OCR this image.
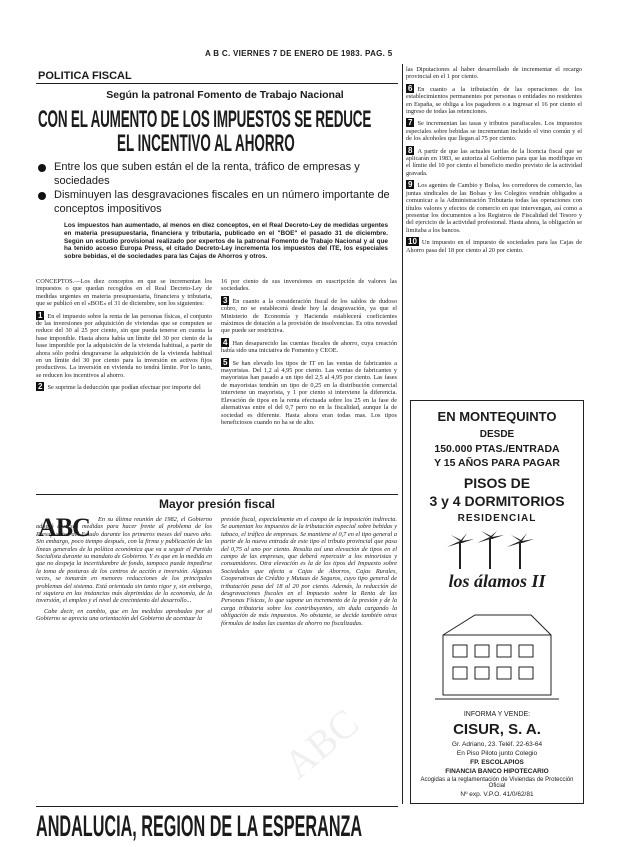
A B C. VIERNES 7 DE ENERO DE 1983. PAG. 5
POLITICA FISCAL
Según la patronal Fomento de Trabajo Nacional
CON EL AUMENTO DE LOS IMPUESTOS SE REDUCE
EL INCENTIVO AL AHORRO
Entre los que suben están el de la renta, tráfico de empresas y sociedades
Disminuyen las desgravaciones fiscales en un número importante de conceptos impositivos
Los impuestos han aumentado, al menos en diez conceptos, en el Real Decreto-Ley de medidas urgentes en materia presupuestaria, financiera y tributaria, publicado en el "BOE" el pasado 31 de diciembre. Según un estudio provisional realizado por expertos de la patronal Fomento de Trabajo Nacional y al que ha tenido acceso Europa Press, el citado Decreto-Ley incrementa los impuestos del ITE, los especiales sobre bebidas, el de sociedades para las Cajas de Ahorros y otros.
CONCEPTOS.—Los diez conceptos en que se incrementan los impuestos o que quedan recogidos en el Real Decreto-Ley de medidas urgentes en materia presupuestaria, financiera y tributaria, que se publicó en el «BOE» el 31 de diciembre, son los siguientes:
1 En el impuesto sobre la renta de las personas físicas, el conjunto de las inversiones por adquisición de viviendas que se computen se reduce del 30 al 25 por ciento, sin que pueda tenerse en cuenta la base imponible. Hasta ahora había un límite del 30 por ciento de la base imponible por la adquisición de la vivienda habitual, a partir de ahora sólo podrá desgravarse la adquisición de la vivienda habitual en un límite del 30 por ciento para la inversión en activos fijos productivos. La inversión en vivienda no tendrá límite. Por lo tanto, se reducen los incentivos al ahorro.
2 Se suprime la deducción que podían efectuar por importe del
16 por ciento de sus inversiones en suscripción de valores las sociedades.
3 En cuanto a la consideración fiscal de los saldos de dudoso cobro, no se establecerá desde hoy la desgravación, ya que el Ministerio de Economía y Hacienda establecerá coeficientes máximos de dotación a la provisión de insolvencias. Es otra novedad que puede ser restrictiva.
4 Han desaparecido las cuentas fiscales de ahorro, cuya creación había sido una iniciativa de Fomento y CEOE.
5 Se han elevado los tipos de IT en las ventas de fabricantes a mayoristas. Del 1,2 al 4,95 por ciento. Las ventas de fabricantes y mayoristas han pasado a un tipo del 2,5 al 4,95 por ciento. Las fases de mayoristas tendrán un tipo de 0,25 en la distribución comercial interviene un mayorista, y 1 por ciento si interviene la diferencia. Elevación de tipos en la renta efectuada sobre los 25 en la fase de alternativas entre el del 0,7 pero no en la fiscalidad, aunque la de sociedad es diferente. Hasta ahora eran todas mas. Los tipos beneficiosos cuando no ha se de alto.
Mayor presión fiscal
ABC	En su última reunión de 1982, el Gobierno adoptó diversas medidas para hacer frente al problema de los Presupuestos del Estado durante los primeros meses del nuevo año. Sin embargo, poco tiempo después, con la firma y publicación de las líneas generales de la política económica que va a seguir el Partido Socialista durante su mandato de Gobierno. Y es que en la medida en que no despeja la incertidumbre de fondo, tampoco puede impedirse la toma de posturas de los centros de acción e inversión. Algunas veces, se tomarán en menores reducciones de los principales problemas del sistema. Está orientada sin tanto rigor y, sin embargo, ni siquiera en las instancias más deprimidas de la economía, de la inversión, el empleo y el nivel de crecimiento del desarrollo...
Cabe decir, en cambio, que en las medidas aprobadas por el Gobierno se aprecia una orientación del Gobierno de acentuar la
presión fiscal, especialmente en el campo de la imposición indirecta. Se aumentan los impuestos de la tributación especial sobre bebidas y tabaco, el tráfico de empresas. Se mantiene el 0,7 en el tipo general a partir de la nueva entrada de este tipo el tributo provincial que pasa del 0,75 al uno por ciento. Resulta así una elevación de tipos en el campo de las empresas, que deberá repercutir a los minoristas y consumidores. Otra elevación es la de los tipos del Impuesto sobre Sociedades que afecta a Cajas de Ahorros, Cajas Rurales, Cooperativas de Crédito y Mutuas de Seguros, cuyo tipo general de tributación pasa del 18 al 20 por ciento. Además, la reducción de desgravaciones fiscales en el Impuesto sobre la Renta de las Personas Físicas, lo que supone un incremento de la presión y de la carga tributaria sobre los contribuyentes, sin duda cargando la obligación de más impuestos. No obstante, se decide también otras fórmulas de todas las cuentas de ahorro no fiscalizadas.
ANDALUCIA, REGION DE LA ESPERANZA
las Diputaciones al haber desarrollado de incrementar el recargo provincial en el 1 por ciento.
6 En cuanto a la tributación de las operaciones de los establecimientos permanentes por personas o entidades no residentes en España, se obliga a los pagadores o a ingresar el 16 por ciento el ingreso de todas las retenciones.
7 Se incrementan las tasas y tributos parafiscales. Los impuestos especiales sobre bebidas se incrementan incluido el vino común y el de los alcoholes que llegan al 75 por ciento.
8 A partir de que las actuales tarifas de la licencia fiscal que se aplicarán en 1983, se autoriza al Gobierno para que las modifique en el límite del 10 por ciento el beneficio medio previsto de la actividad gravada.
9 Los agentes de Cambio y Bolsa, los corredores de comercio, las juntas sindicales de las Bolsas y los Colegios vendrán obligados a comunicar a la Administración Tributaria todas las operaciones con títulos valores y efectos de comercio en que intervengan, así como a presentar los documentos a los Registros de Fiscalidad del Tesoro y del ejercicio de la actividad profesional. Hasta ahora, la obligación se limitaba a los bancos.
10 Un impuesto en el impuesto de sociedades para las Cajas de Ahorro pasa del 18 por ciento al 20 por ciento.
EN MONTEQUINTO
DESDE
150.000 PTAS./ENTRADA
Y 15 AÑOS PARA PAGAR
PISOS DE
3 y 4 DORMITORIOS
RESIDENCIAL
los álamos II
INFORMA Y VENDE:
CISUR, S. A.
Gr. Adriano, 23. Teléf. 22-63-64
En Piso Piloto junto Colegio
FP. ESCOLAPIOS
FINANCIA BANCO HIPOTECARIO
Acogidas a la reglamentación de Viviendas de Protección Oficial
Nº exp. V.P.O. 41/0/62/81
ABC
